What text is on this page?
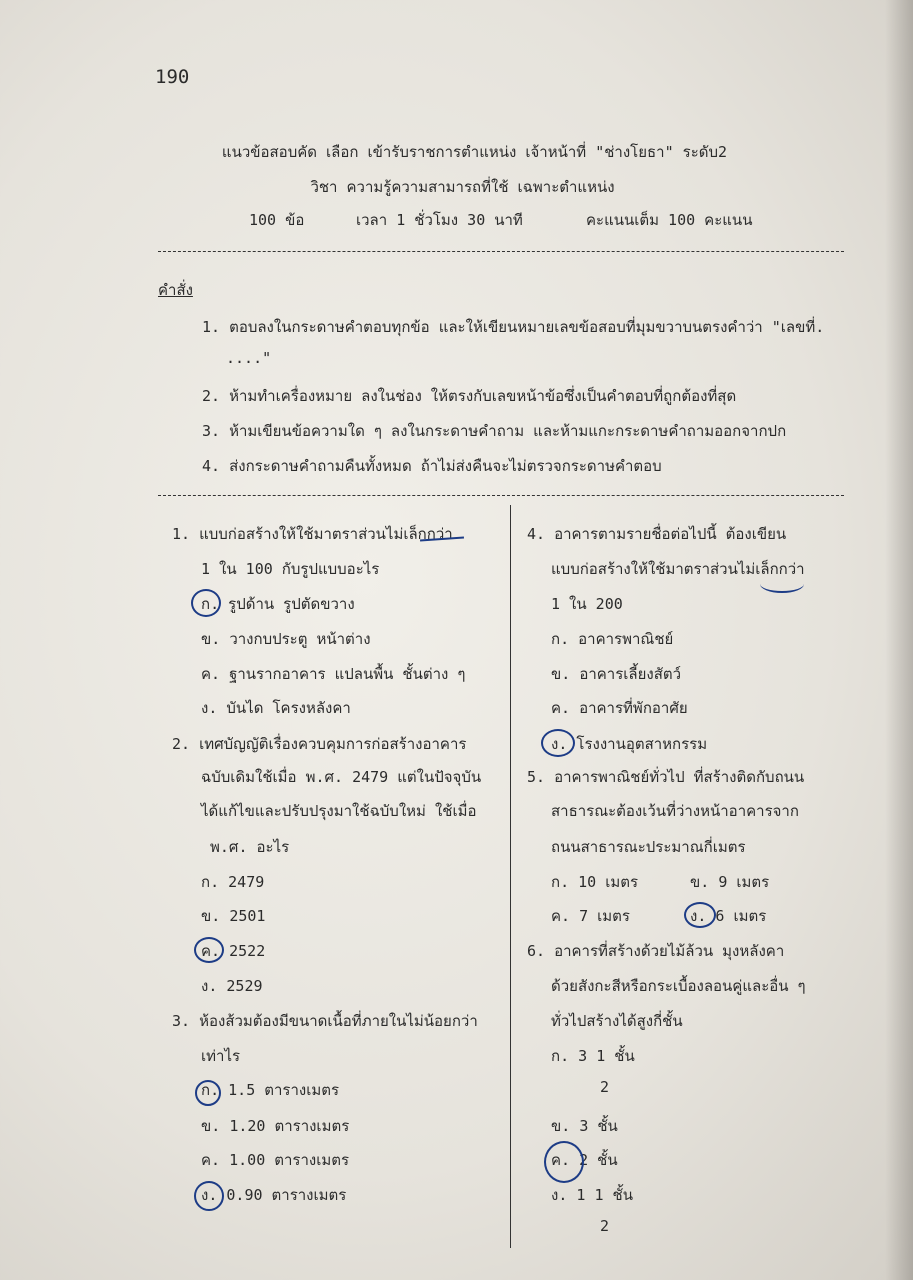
190
แนวข้อสอบคัด เลือก เข้ารับราชการตำแหน่ง เจ้าหน้าที่ "ช่างโยธา" ระดับ2
วิชา ความรู้ความสามารถที่ใช้ เฉพาะตำแหน่ง
100 ข้อ	เวลา 1 ชั่วโมง 30 นาที	คะแนนเต็ม 100 คะแนน
คำสั่ง
1. ตอบลงในกระดาษคำตอบทุกข้อ และให้เขียนหมายเลขข้อสอบที่มุมขวาบนตรงคำว่า "เลขที่.
...."
2. ห้ามทำเครื่องหมาย ลงในช่อง ให้ตรงกับเลขหน้าข้อซึ่งเป็นคำตอบที่ถูกต้องที่สุด
3. ห้ามเขียนข้อความใด ๆ ลงในกระดาษคำถาม และห้ามแกะกระดาษคำถามออกจากปก
4. ส่งกระดาษคำถามคืนทั้งหมด ถ้าไม่ส่งคืนจะไม่ตรวจกระดาษคำตอบ
1. แบบก่อสร้างให้ใช้มาตราส่วนไม่เล็กกว่า
1 ใน 100 กับรูปแบบอะไร
ก. รูปด้าน รูปตัดขวาง
ข. วางกบประตู หน้าต่าง
ค. ฐานรากอาคาร แปลนพื้น ชั้นต่าง ๆ
ง. บันได โครงหลังคา
2. เทศบัญญัติเรื่องควบคุมการก่อสร้างอาคาร
ฉบับเดิมใช้เมื่อ พ.ศ. 2479 แต่ในปัจจุบัน
ได้แก้ไขและปรับปรุงมาใช้ฉบับใหม่ ใช้เมื่อ
พ.ศ. อะไร
ก. 2479
ข. 2501
ค. 2522
ง. 2529
3. ห้องส้วมต้องมีขนาดเนื้อที่ภายในไม่น้อยกว่า
เท่าไร
ก. 1.5 ตารางเมตร
ข. 1.20 ตารางเมตร
ค. 1.00 ตารางเมตร
ง. 0.90 ตารางเมตร
4. อาคารตามรายชื่อต่อไปนี้ ต้องเขียน
แบบก่อสร้างให้ใช้มาตราส่วนไม่เล็กกว่า
1 ใน 200
ก. อาคารพาณิชย์
ข. อาคารเลี้ยงสัตว์
ค. อาคารที่พักอาศัย
ง. โรงงานอุตสาหกรรม
5. อาคารพาณิชย์ทั่วไป ที่สร้างติดกับถนน
สาธารณะต้องเว้นที่ว่างหน้าอาคารจาก
ถนนสาธารณะประมาณกี่เมตร
ก. 10 เมตร	ข. 9 เมตร
ค. 7 เมตร	ง. 6 เมตร
6. อาคารที่สร้างด้วยไม้ล้วน มุงหลังคา
ด้วยสังกะสีหรือกระเบื้องลอนคู่และอื่น ๆ
ทั่วไปสร้างได้สูงกี่ชั้น
ก. 3 1 ชั้น
2
ข. 3 ชั้น
ค. 2 ชั้น
ง. 1 1 ชั้น
2
